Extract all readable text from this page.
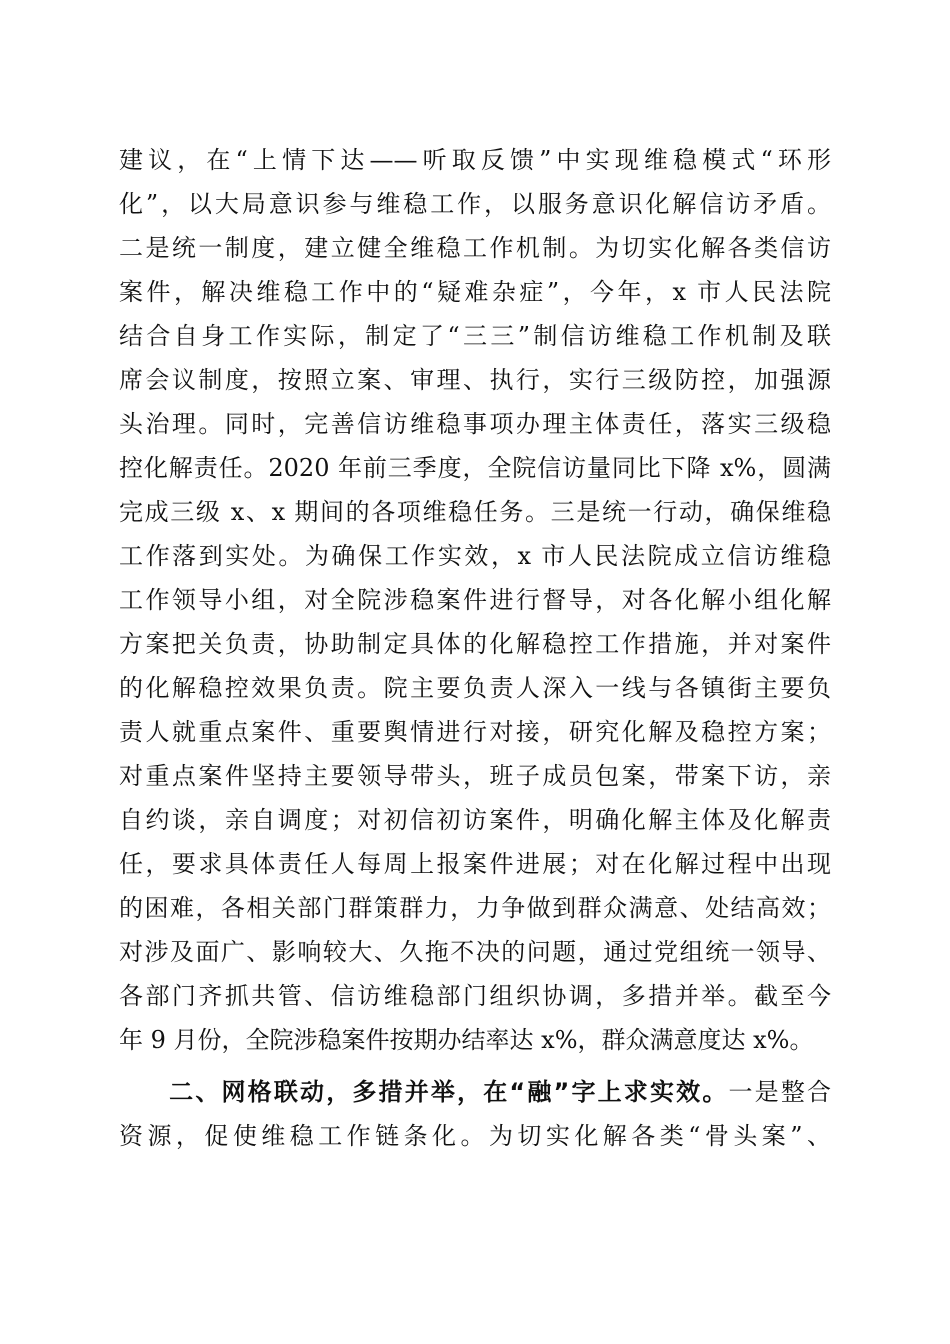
建议，在“上情下达——听取反馈”中实现维稳模式“环形
化”，以大局意识参与维稳工作，以服务意识化解信访矛盾。
二是统一制度，建立健全维稳工作机制。为切实化解各类信访
案件，解决维稳工作中的“疑难杂症”，今年，x 市人民法院
结合自身工作实际，制定了“三三”制信访维稳工作机制及联
席会议制度，按照立案、审理、执行，实行三级防控，加强源
头治理。同时，完善信访维稳事项办理主体责任，落实三级稳
控化解责任。2020 年前三季度，全院信访量同比下降 x%，圆满
完成三级 x、x 期间的各项维稳任务。三是统一行动，确保维稳
工作落到实处。为确保工作实效，x 市人民法院成立信访维稳
工作领导小组，对全院涉稳案件进行督导，对各化解小组化解
方案把关负责，协助制定具体的化解稳控工作措施，并对案件
的化解稳控效果负责。院主要负责人深入一线与各镇街主要负
责人就重点案件、重要舆情进行对接，研究化解及稳控方案；
对重点案件坚持主要领导带头，班子成员包案，带案下访，亲
自约谈，亲自调度；对初信初访案件，明确化解主体及化解责
任，要求具体责任人每周上报案件进展；对在化解过程中出现
的困难，各相关部门群策群力，力争做到群众满意、处结高效；
对涉及面广、影响较大、久拖不决的问题，通过党组统一领导、
各部门齐抓共管、信访维稳部门组织协调，多措并举。截至今
年 9 月份，全院涉稳案件按期办结率达 x%，群众满意度达 x%。
二、网格联动，多措并举，在“融”字上求实效。一是整合
资源，促使维稳工作链条化。为切实化解各类“骨头案”、
